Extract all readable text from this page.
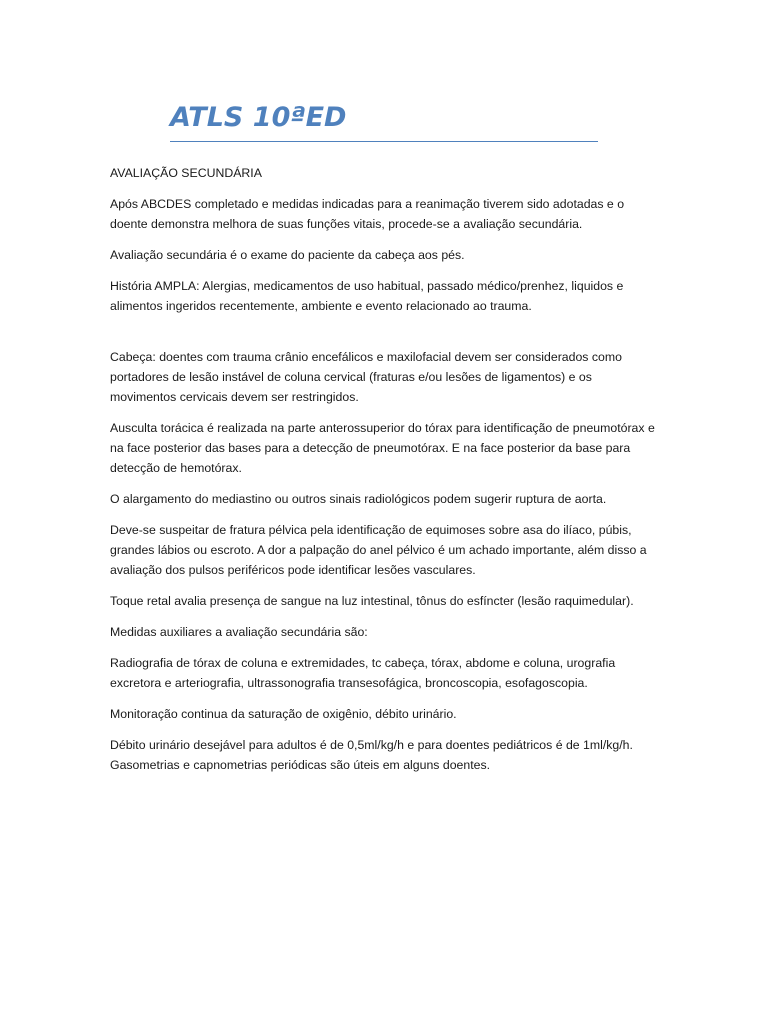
ATLS 10ªED

AVALIAÇÃO SECUNDÁRIA

Após ABCDES completado e medidas indicadas para a reanimação tiverem sido adotadas e o doente demonstra melhora de suas funções vitais, procede-se a avaliação secundária.

Avaliação secundária é o exame do paciente da cabeça aos pés.

História AMPLA: Alergias, medicamentos de uso habitual, passado médico/prenhez, liquidos e alimentos ingeridos recentemente, ambiente e evento relacionado ao trauma.

Cabeça: doentes com trauma crânio encefálicos e maxilofacial devem ser considerados como portadores de lesão instável de coluna cervical (fraturas e/ou lesões de ligamentos) e os movimentos cervicais devem ser restringidos.

Ausculta torácica é realizada na parte anterossuperior do tórax para identificação de pneumotórax e na face posterior das bases para a detecção de pneumotórax. E na face posterior da base para detecção de hemotórax.

O alargamento do mediastino ou outros sinais radiológicos podem sugerir ruptura de aorta.

Deve-se suspeitar de fratura pélvica pela identificação de equimoses sobre asa do ilíaco, púbis, grandes lábios ou escroto. A dor a palpação do anel pélvico é um achado importante, além disso a avaliação dos pulsos periféricos pode identificar lesões vasculares.

Toque retal avalia presença de sangue na luz intestinal, tônus do esfíncter (lesão raquimedular).

Medidas auxiliares a avaliação secundária são:

Radiografia de tórax de coluna e extremidades, tc cabeça, tórax, abdome e coluna, urografia excretora e arteriografia, ultrassonografia transesofágica, broncoscopia, esofagoscopia.

Monitoração continua da saturação de oxigênio, débito urinário.

Débito urinário desejável para adultos é de 0,5ml/kg/h e para doentes pediátricos é de 1ml/kg/h. Gasometrias e capnometrias periódicas são úteis em alguns doentes.
